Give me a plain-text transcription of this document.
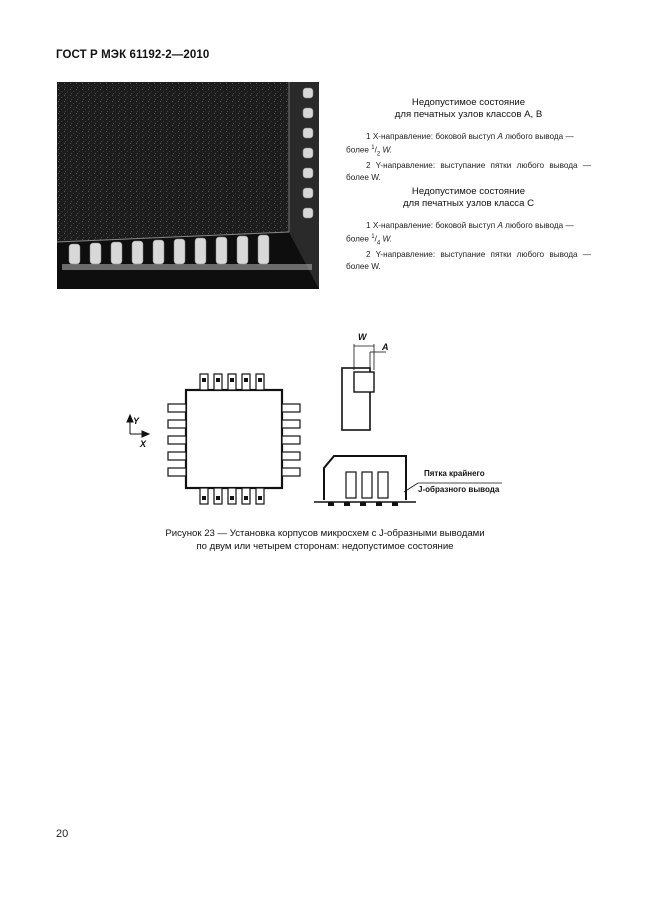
ГОСТ Р МЭК 61192-2—2010
Недопустимое состояние
для печатных узлов классов А, В
1 X-направление: боковой выступ А любого вывода —
более $^1/_2$ W.
2 Y-направление: выступание пятки любого вывода — более W.
Недопустимое состояние
для печатных узлов класса С
1 X-направление: боковой выступ А любого вывода —
более $^1/_4$ W.
2 Y-направление: выступание пятки любого вывода — более W.
Y
X
W
A
Пятка крайнего
J-образного вывода
Рисунок 23 — Установка корпусов микросхем с J-образными выводами
по двум или четырем сторонам: недопустимое состояние
20
